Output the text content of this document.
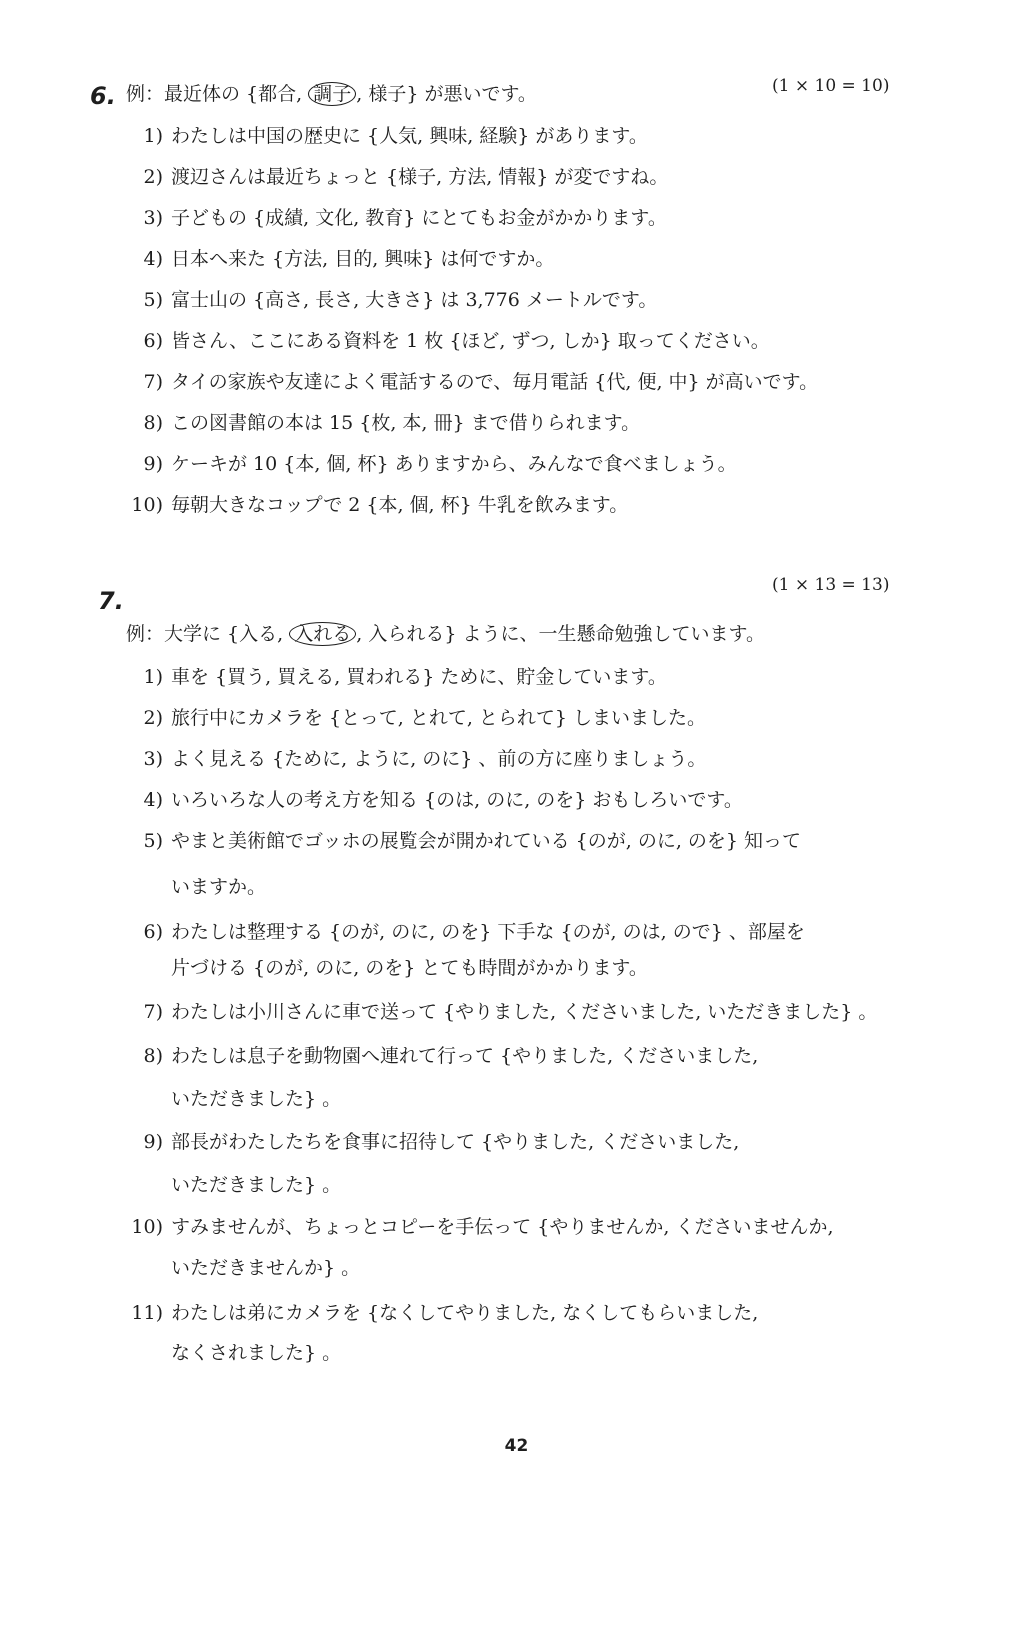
6.	(1 × 10 = 10)
例：最近体の {都合, 調子 , 様子} が悪いです。
1) わたしは中国の歴史に {人気, 興味, 経験} があります。
2) 渡辺さんは最近ちょっと {様子, 方法, 情報} が変ですね。
3) 子どもの {成績, 文化, 教育} にとてもお金がかかります。
4) 日本へ来た {方法, 目的, 興味} は何ですか。
5) 富士山の {高さ, 長さ, 大きさ} は 3,776 メートルです。
6) 皆さん、ここにある資料を 1 枚 {ほど, ずつ, しか} 取ってください。
7) タイの家族や友達によく電話するので、毎月電話 {代, 便, 中} が高いです。
8) この図書館の本は 15 {枚, 本, 冊} まで借りられます。
9) ケーキが 10 {本, 個, 杯} ありますから、みんなで食べましょう。
10) 毎朝大きなコップで 2 {本, 個, 杯} 牛乳を飲みます。
7.
(1 × 13 = 13)
例：大学に {入る, 入れる , 入られる} ように、一生懸命勉強しています。
1) 車を {買う, 買える, 買われる} ために、貯金しています。
2) 旅行中にカメラを {とって, とれて, とられて} しまいました。
3) よく見える {ために, ように, のに} 、前の方に座りましょう。
4) いろいろな人の考え方を知る {のは, のに, のを} おもしろいです。
5) やまと美術館でゴッホの展覧会が開かれている {のが, のに, のを} 知って
いますか。
6) わたしは整理する {のが, のに, のを} 下手な {のが, のは, ので} 、部屋を
片づける {のが, のに, のを} とても時間がかかります。
7) わたしは小川さんに車で送って {やりました, くださいました, いただきました} 。
8) わたしは息子を動物園へ連れて行って {やりました, くださいました,
いただきました} 。
9) 部長がわたしたちを食事に招待して {やりました, くださいました,
いただきました} 。
10) すみませんが、ちょっとコピーを手伝って {やりませんか, くださいませんか,
いただきませんか} 。
11) わたしは弟にカメラを {なくしてやりました, なくしてもらいました,
なくされました} 。
42
